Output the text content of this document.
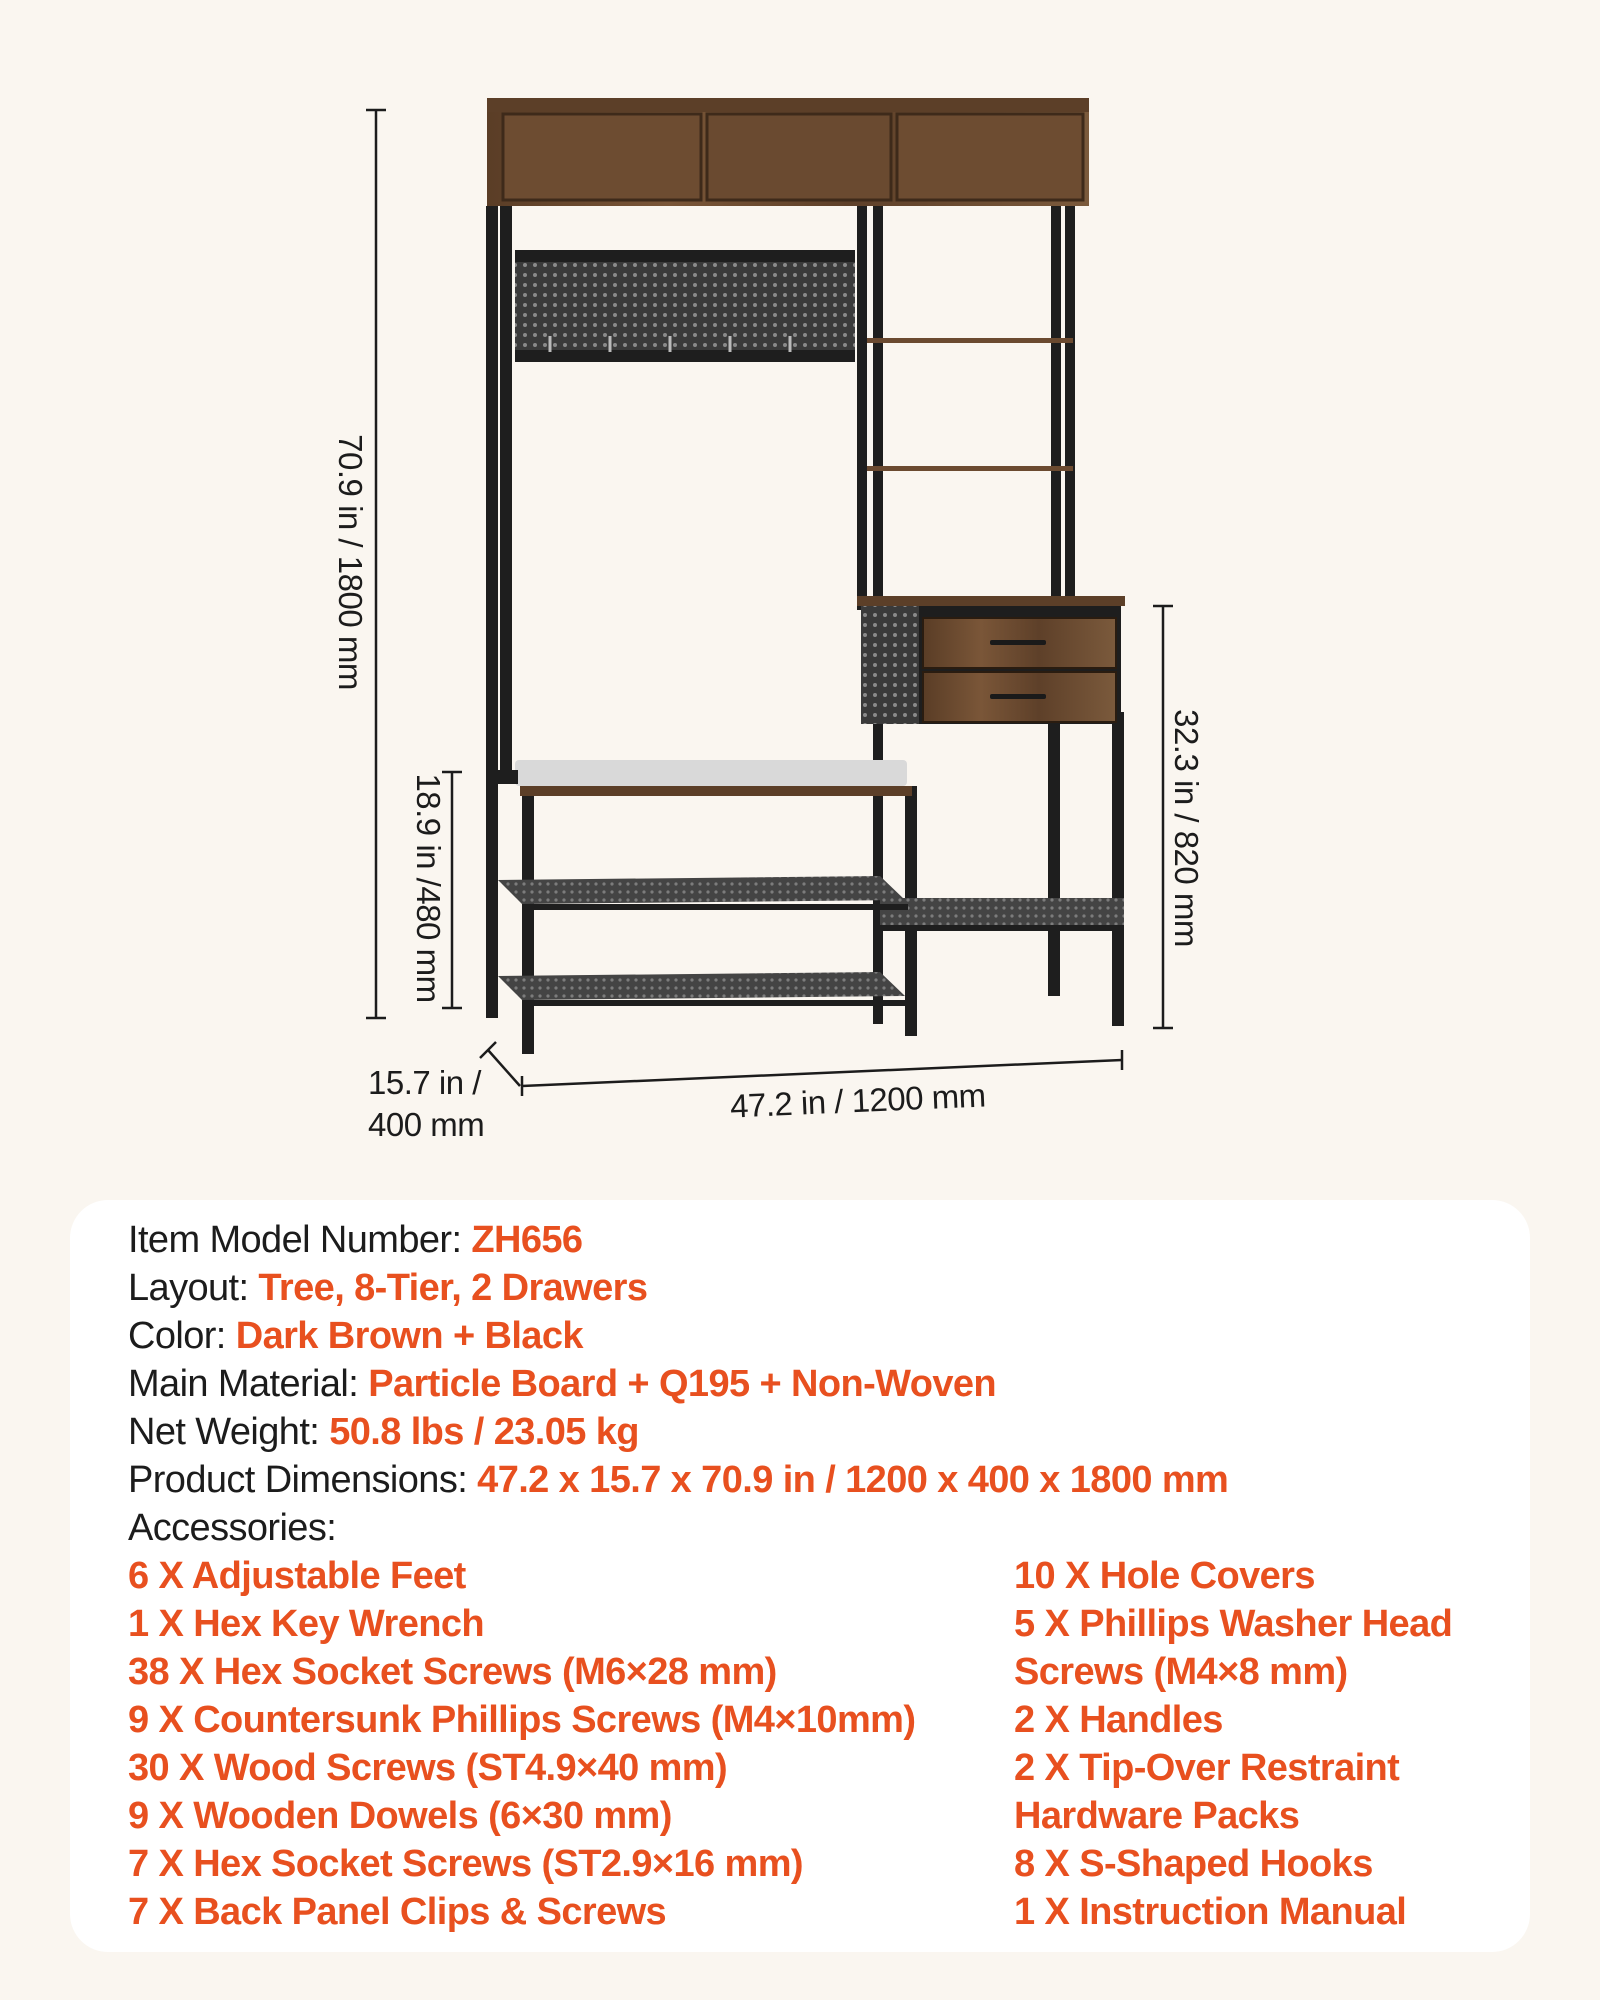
70.9 in / 1800 mm
18.9 in /480 mm	32.3 in / 820 mm
15.7 in /
400 mm	47.2 in / 1200 mm
Item Model Number: ZH656
Layout: Tree, 8-Tier, 2 Drawers
Color: Dark Brown + Black
Main Material: Particle Board + Q195 + Non-Woven
Net Weight: 50.8 lbs / 23.05 kg
Product Dimensions: 47.2 x 15.7 x 70.9 in / 1200 x 400 x 1800 mm
Accessories:
6 X Adjustable Feet
1 X Hex Key Wrench
38 X Hex Socket Screws (M6×28 mm)
9 X Countersunk Phillips Screws (M4×10mm)
30 X Wood Screws (ST4.9×40 mm)
9 X Wooden Dowels (6×30 mm)
7 X Hex Socket Screws (ST2.9×16 mm)
7 X Back Panel Clips & Screws
10 X Hole Covers
5 X Phillips Washer Head
Screws (M4×8 mm)
2 X Handles
2 X Tip-Over Restraint
Hardware Packs
8 X S-Shaped Hooks
1 X Instruction Manual
